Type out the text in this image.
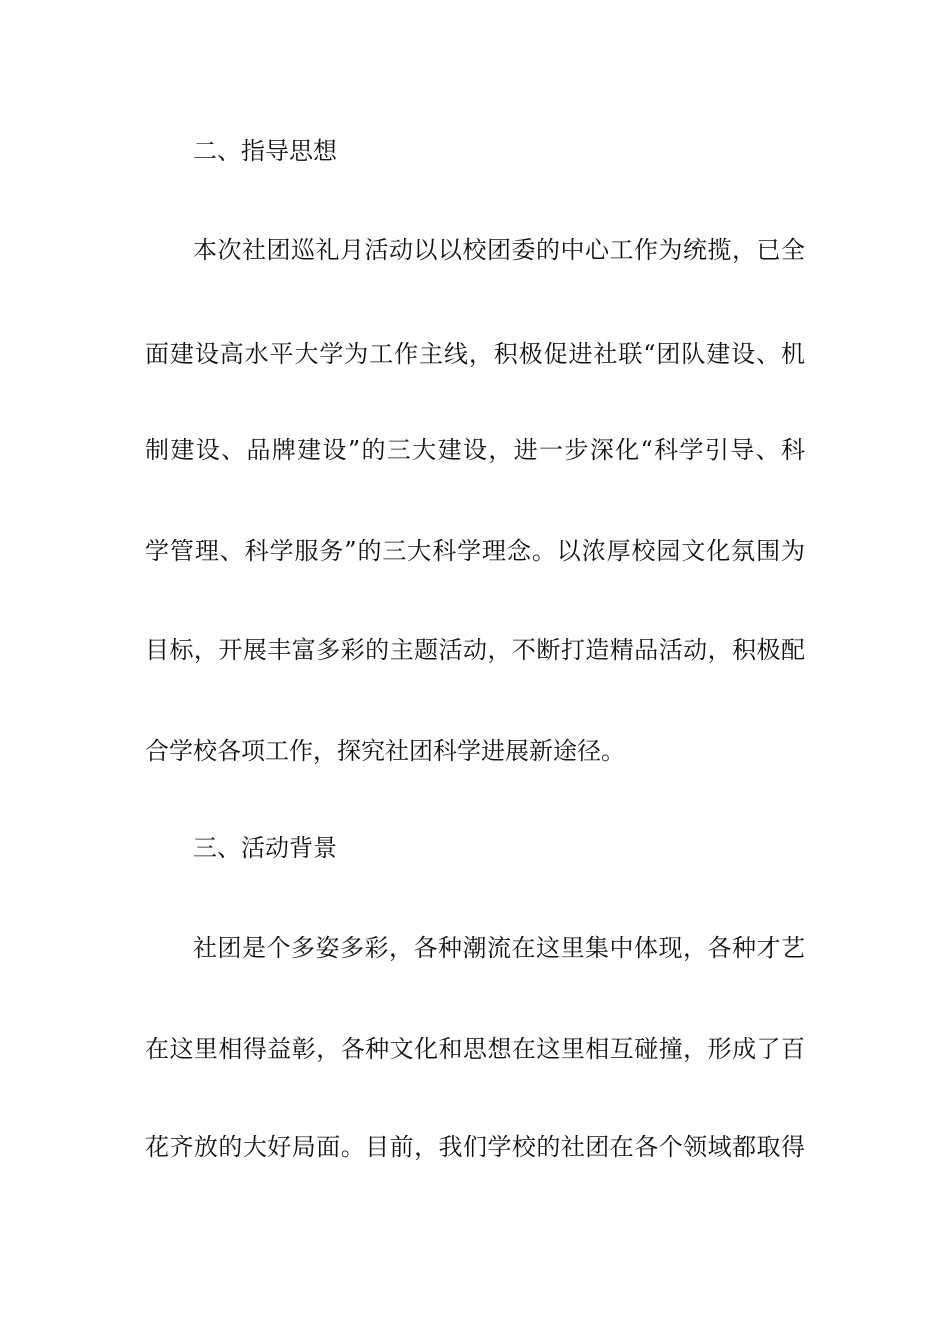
二、指导思想
本次社团巡礼月活动以以校团委的中心工作为统揽，已全
面建设高水平大学为工作主线，积极促进社联“团队建设、机
制建设、品牌建设”的三大建设，进一步深化“科学引导、科
学管理、科学服务”的三大科学理念。以浓厚校园文化氛围为
目标，开展丰富多彩的主题活动，不断打造精品活动，积极配
合学校各项工作，探究社团科学进展新途径。
三、活动背景
社团是个多姿多彩，各种潮流在这里集中体现，各种才艺
在这里相得益彰，各种文化和思想在这里相互碰撞，形成了百
花齐放的大好局面。目前，我们学校的社团在各个领域都取得
